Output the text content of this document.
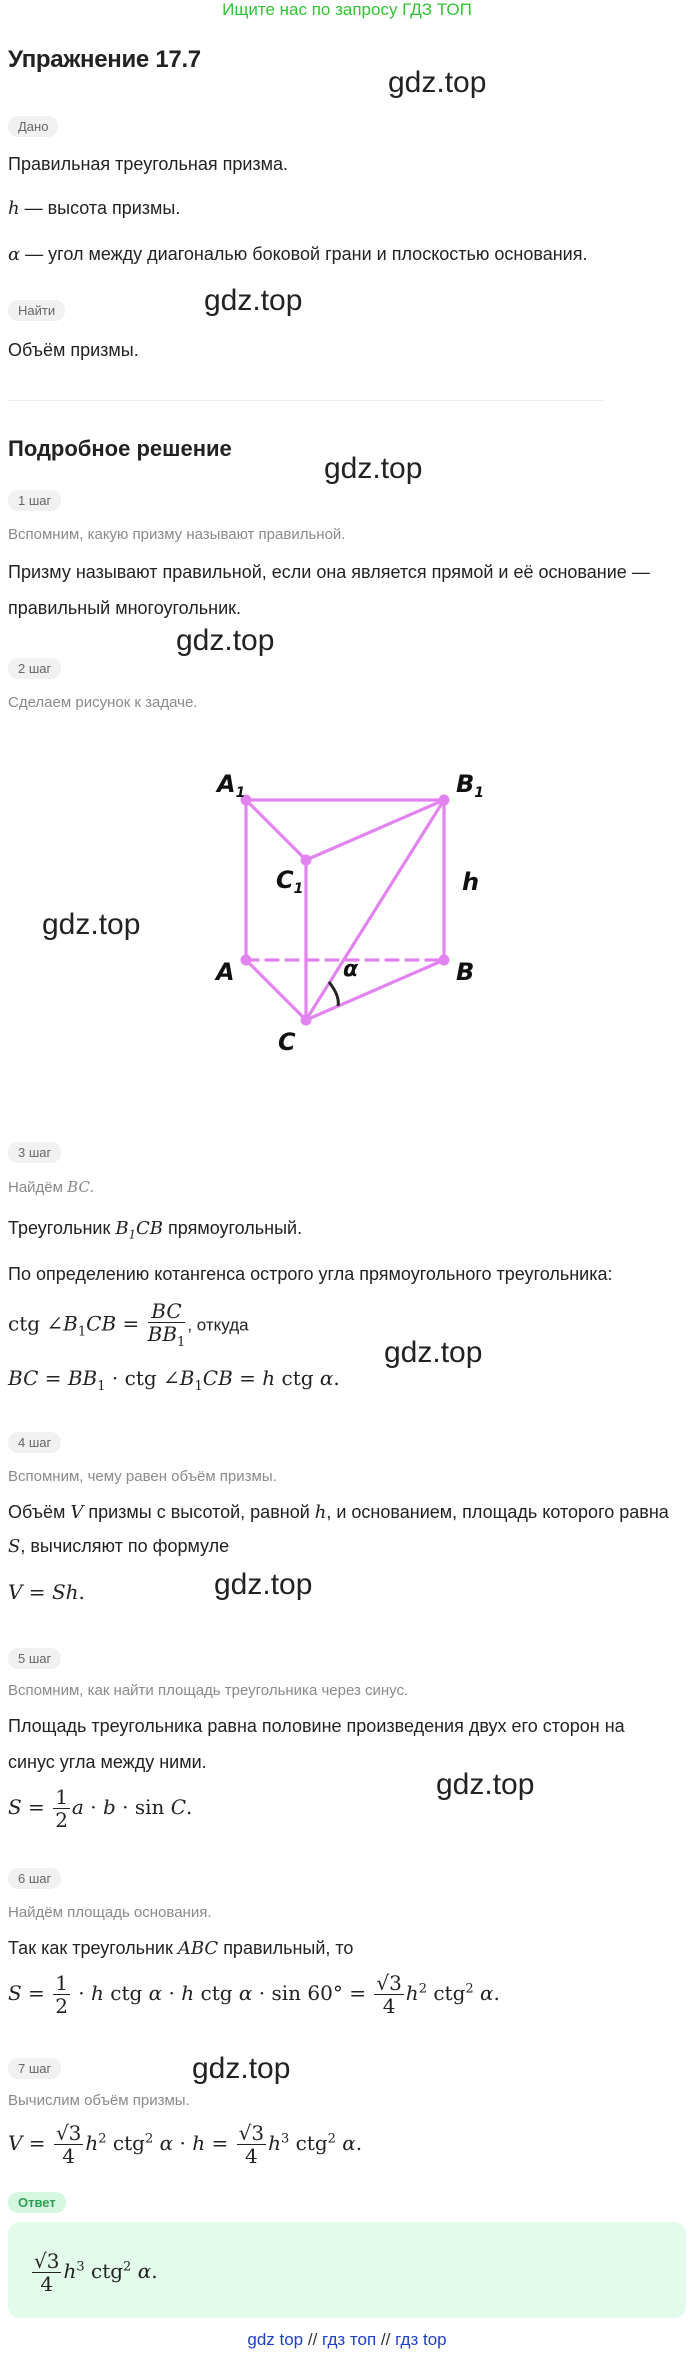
Ищите нас по запросу ГДЗ ТОП
Упражнение 17.7
gdz.top
gdz.top
gdz.top
gdz.top
gdz.top
gdz.top
gdz.top
gdz.top
gdz.top
Дано
Правильная треугольная призма.
h — высота призмы.
α — угол между диагональю боковой грани и плоскостью основания.
Найти
Объём призмы.
Подробное решение
1 шаг
Вспомним, какую призму называют правильной.
Призму называют правильной, если она является прямой и её основание —
правильный многоугольник.
2 шаг
Сделаем рисунок к задаче.
$A_1$	$B_1$
$C_1$	h
A	B
C
α
3 шаг
Найдём BC.
Треугольник $B_1CB$ прямоугольный.
По определению котангенса острого угла прямоугольного треугольника:
ctg $\angle B_1CB = \frac{BC}{BB_1}$ , откуда
BC = $BB_1$ · ctg $\angle B_1CB = h$ ctg α.
4 шаг
Вспомним, чему равен объём призмы.
Объём V призмы с высотой, равной h, и основанием, площадь которого равна
S, вычисляют по формуле
V = Sh.
5 шаг
Вспомним, как найти площадь треугольника через синус.
Площадь треугольника равна половине произведения двух его сторон на
синус угла между ними.
$S = \frac{1}{2}$ a · b · sin C.
6 шаг
Найдём площадь основания.
Так как треугольник ABC правильный, то
$S = \frac{1}{2} \cdot h$ ctg α · h ctg $\alpha \cdot \sin 60^\circ = \frac{√3}{4} h^2$ ctg$^2$ α.
7 шаг
Вычислим объём призмы.
$V = \frac{√3}{4} h^2$ ctg$^2$ $\alpha \cdot h = \frac{√3}{4} h^3$ ctg$^2$ α.
Ответ
$\frac{√3}{4} h^3$ ctg$^2$ α.
gdz top // гдз топ // гдз top
